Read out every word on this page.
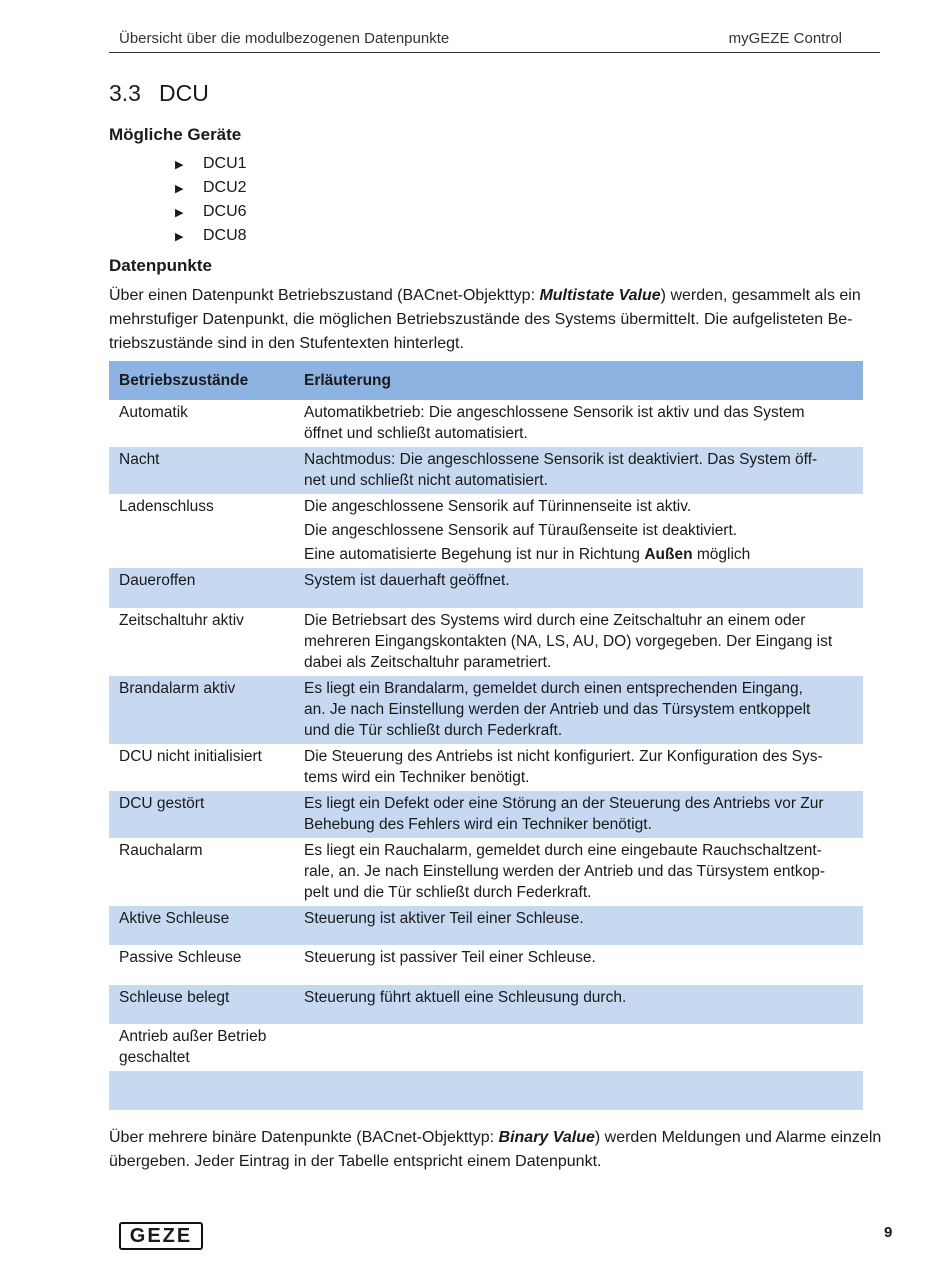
Übersicht über die modulbezogenen Datenpunkte	myGEZE Control
3.3 DCU
Mögliche Geräte
▶ DCU1
▶ DCU2
▶ DCU6
▶ DCU8
Datenpunkte

Über einen Datenpunkt Betriebszustand (BACnet-Objekttyp: Multistate Value) werden, gesammelt als ein
mehrstufiger Datenpunkt, die möglichen Betriebszustände des Systems übermittelt. Die aufgelisteten Be-
triebszustände sind in den Stufentexten hinterlegt.

Betriebszustände	Erläuterung

Automatik	Automatikbetrieb: Die angeschlossene Sensorik ist aktiv und das System
öffnet und schließt automatisiert.

Nacht	Nachtmodus: Die angeschlossene Sensorik ist deaktiviert. Das System öff-
net und schließt nicht automatisiert.

Ladenschluss	Die angeschlossene Sensorik auf Türinnenseite ist aktiv.
Die angeschlossene Sensorik auf Türaußenseite ist deaktiviert.
Eine automatisierte Begehung ist nur in Richtung Außen möglich

Daueroffen	System ist dauerhaft geöffnet.

Zeitschaltuhr aktiv	Die Betriebsart des Systems wird durch eine Zeitschaltuhr an einem oder
mehreren Eingangskontakten (NA, LS, AU, DO) vorgegeben. Der Eingang ist
dabei als Zeitschaltuhr parametriert.

Brandalarm aktiv	Es liegt ein Brandalarm, gemeldet durch einen entsprechenden Eingang,
an. Je nach Einstellung werden der Antrieb und das Türsystem entkoppelt
und die Tür schließt durch Federkraft.

DCU nicht initialisiert	Die Steuerung des Antriebs ist nicht konfiguriert. Zur Konfiguration des Sys-
tems wird ein Techniker benötigt.

DCU gestört	Es liegt ein Defekt oder eine Störung an der Steuerung des Antriebs vor Zur
Behebung des Fehlers wird ein Techniker benötigt.

Rauchalarm	Es liegt ein Rauchalarm, gemeldet durch eine eingebaute Rauchschaltzent-
rale, an. Je nach Einstellung werden der Antrieb und das Türsystem entkop-
pelt und die Tür schließt durch Federkraft.

Aktive Schleuse	Steuerung ist aktiver Teil einer Schleuse.

Passive Schleuse	Steuerung ist passiver Teil einer Schleuse.

Schleuse belegt	Steuerung führt aktuell eine Schleusung durch.

Antrieb außer Betrieb
geschaltet	

Über mehrere binäre Datenpunkte (BACnet-Objekttyp: Binary Value) werden Meldungen und Alarme einzeln
übergeben. Jeder Eintrag in der Tabelle entspricht einem Datenpunkt.

GEZE	9
